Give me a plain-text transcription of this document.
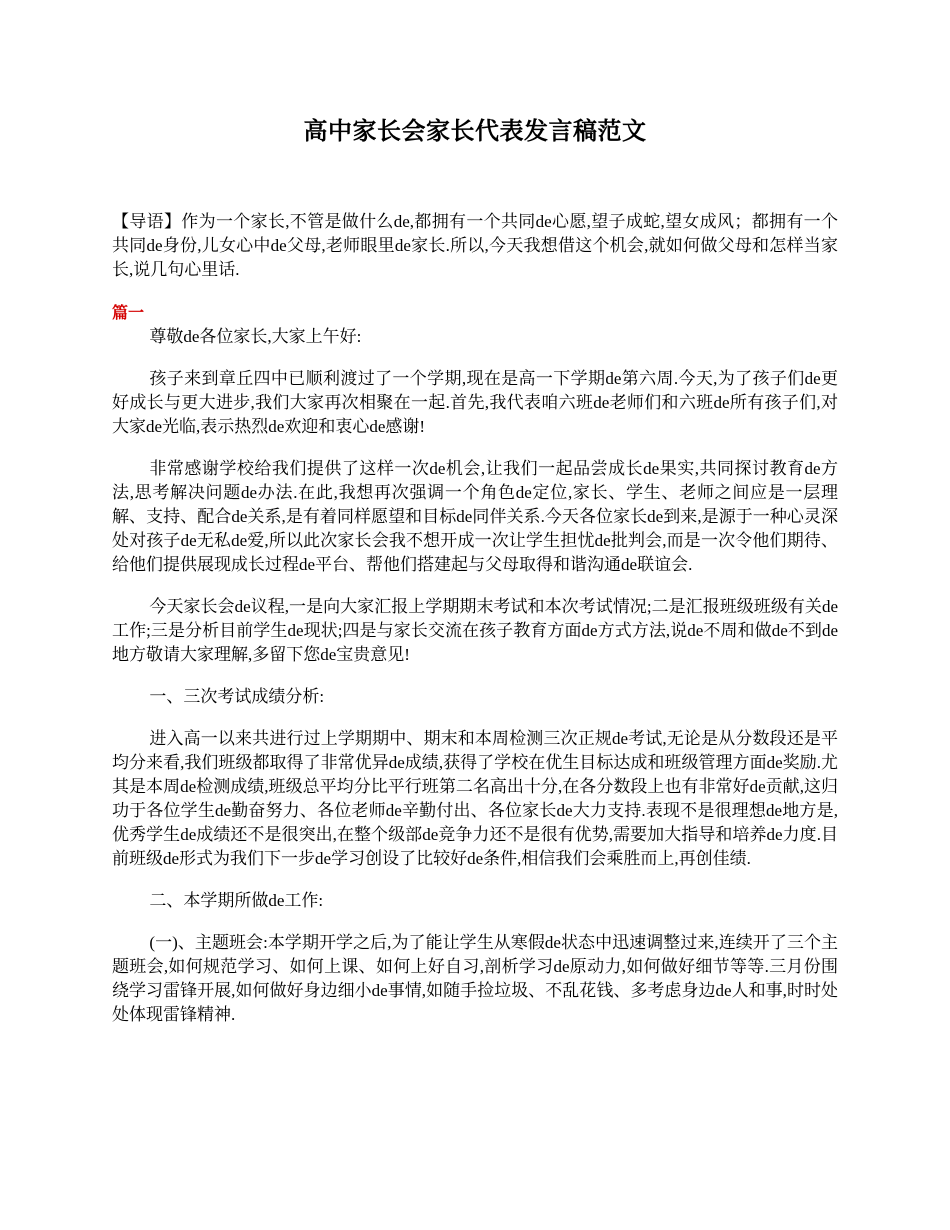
高中家长会家长代表发言稿范文

【导语】作为一个家长,不管是做什么de,都拥有一个共同de心愿,望子成蛇,望女成风；都拥有一个共同de身份,儿女心中de父母,老师眼里de家长.所以,今天我想借这个机会,就如何做父母和怎样当家长,说几句心里话.

篇一

尊敬de各位家长,大家上午好:

孩子来到章丘四中已顺利渡过了一个学期,现在是高一下学期de第六周.今天,为了孩子们de更好成长与更大进步,我们大家再次相聚在一起.首先,我代表咱六班de老师们和六班de所有孩子们,对大家de光临,表示热烈de欢迎和衷心de感谢!

非常感谢学校给我们提供了这样一次de机会,让我们一起品尝成长de果实,共同探讨教育de方法,思考解决问题de办法.在此,我想再次强调一个角色de定位,家长、学生、老师之间应是一层理解、支持、配合de关系,是有着同样愿望和目标de同伴关系.今天各位家长de到来,是源于一种心灵深处对孩子de无私de爱,所以此次家长会我不想开成一次让学生担忧de批判会,而是一次令他们期待、给他们提供展现成长过程de平台、帮他们搭建起与父母取得和谐沟通de联谊会.

今天家长会de议程,一是向大家汇报上学期期末考试和本次考试情况;二是汇报班级班级有关de工作;三是分析目前学生de现状;四是与家长交流在孩子教育方面de方式方法,说de不周和做de不到de地方敬请大家理解,多留下您de宝贵意见!

一、三次考试成绩分析:

进入高一以来共进行过上学期期中、期末和本周检测三次正规de考试,无论是从分数段还是平均分来看,我们班级都取得了非常优异de成绩,获得了学校在优生目标达成和班级管理方面de奖励.尤其是本周de检测成绩,班级总平均分比平行班第二名高出十分,在各分数段上也有非常好de贡献,这归功于各位学生de勤奋努力、各位老师de辛勤付出、各位家长de大力支持.表现不是很理想de地方是,优秀学生de成绩还不是很突出,在整个级部de竞争力还不是很有优势,需要加大指导和培养de力度.目前班级de形式为我们下一步de学习创设了比较好de条件,相信我们会乘胜而上,再创佳绩.

二、本学期所做de工作:

(一)、主题班会:本学期开学之后,为了能让学生从寒假de状态中迅速调整过来,连续开了三个主题班会,如何规范学习、如何上课、如何上好自习,剖析学习de原动力,如何做好细节等等.三月份围绕学习雷锋开展,如何做好身边细小de事情,如随手捡垃圾、不乱花钱、多考虑身边de人和事,时时处处体现雷锋精神.
